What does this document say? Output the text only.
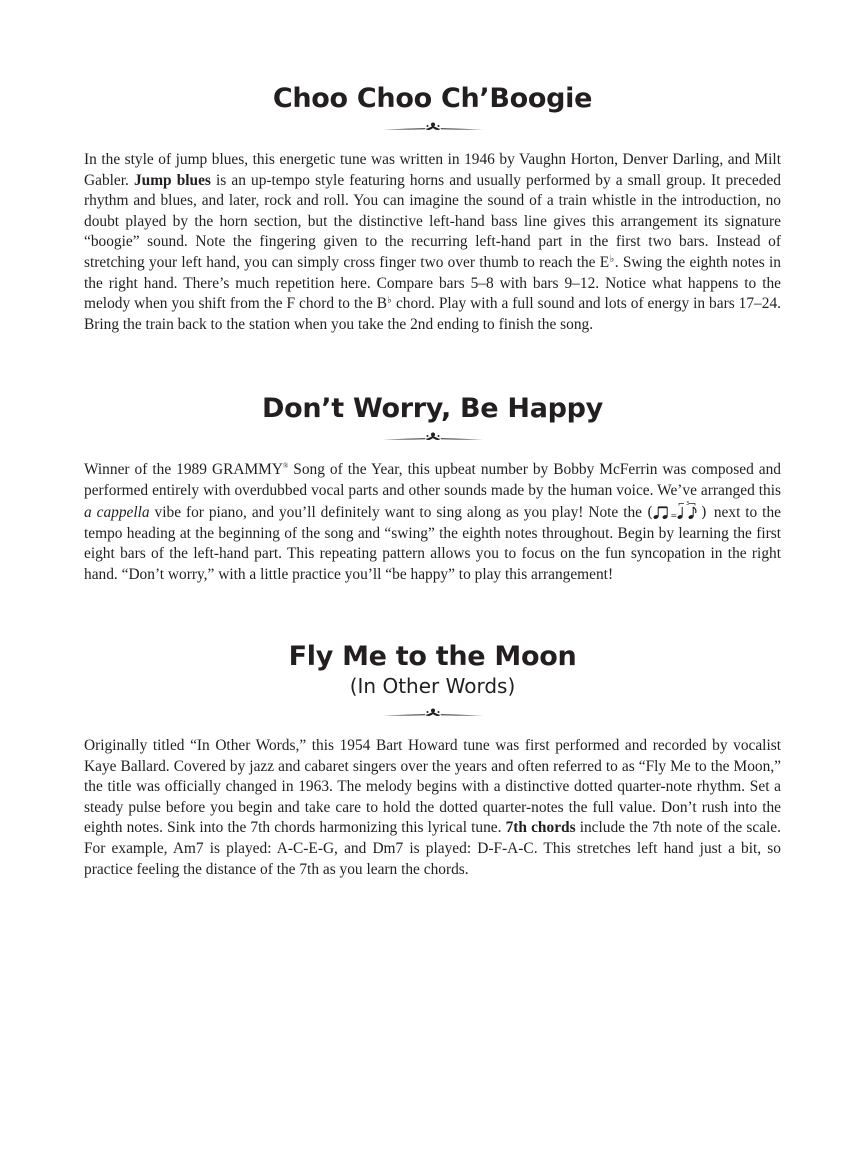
Choo Choo Ch’Boogie

In the style of jump blues, this energetic tune was written in 1946 by Vaughn Horton, Denver Darling, and Milt Gabler. Jump blues is an up-tempo style featuring horns and usually performed by a small group. It preceded rhythm and blues, and later, rock and roll. You can imagine the sound of a train whistle in the introduction, no doubt played by the horn section, but the distinctive left-hand bass line gives this arrangement its signature “boogie” sound. Note the fingering given to the recurring left-hand part in the first two bars. Instead of stretching your left hand, you can simply cross finger two over thumb to reach the E♭. Swing the eighth notes in the right hand. There’s much repetition here. Compare bars 5–8 with bars 9–12. Notice what happens to the melody when you shift from the F chord to the B♭ chord. Play with a full sound and lots of energy in bars 17–24. Bring the train back to the station when you take the 2nd ending to finish the song.

Don’t Worry, Be Happy

Winner of the 1989 GRAMMY® Song of the Year, this upbeat number by Bobby McFerrin was composed and performed entirely with overdubbed vocal parts and other sounds made by the human voice. We’ve arranged this a cappella vibe for piano, and you’ll definitely want to sing along as you play! Note the ( =
3 ) next to the tempo heading at the beginning of the song and “swing” the eighth notes throughout. Begin by learning the first eight bars of the left-hand part. This repeating pattern allows you to focus on the fun syncopation in the right hand. “Don’t worry,” with a little practice you’ll “be happy” to play this arrangement!

Fly Me to the Moon

(In Other Words)

Originally titled “In Other Words,” this 1954 Bart Howard tune was first performed and recorded by vocalist Kaye Ballard. Covered by jazz and cabaret singers over the years and often referred to as “Fly Me to the Moon,” the title was officially changed in 1963. The melody begins with a distinctive dotted quarter-note rhythm. Set a steady pulse before you begin and take care to hold the dotted quarter-notes the full value. Don’t rush into the eighth notes. Sink into the 7th chords harmonizing this lyrical tune. 7th chords include the 7th note of the scale. For example, Am7 is played: A-C-E-G, and Dm7 is played: D-F-A-C. This stretches left hand just a bit, so practice feeling the distance of the 7th as you learn the chords.
